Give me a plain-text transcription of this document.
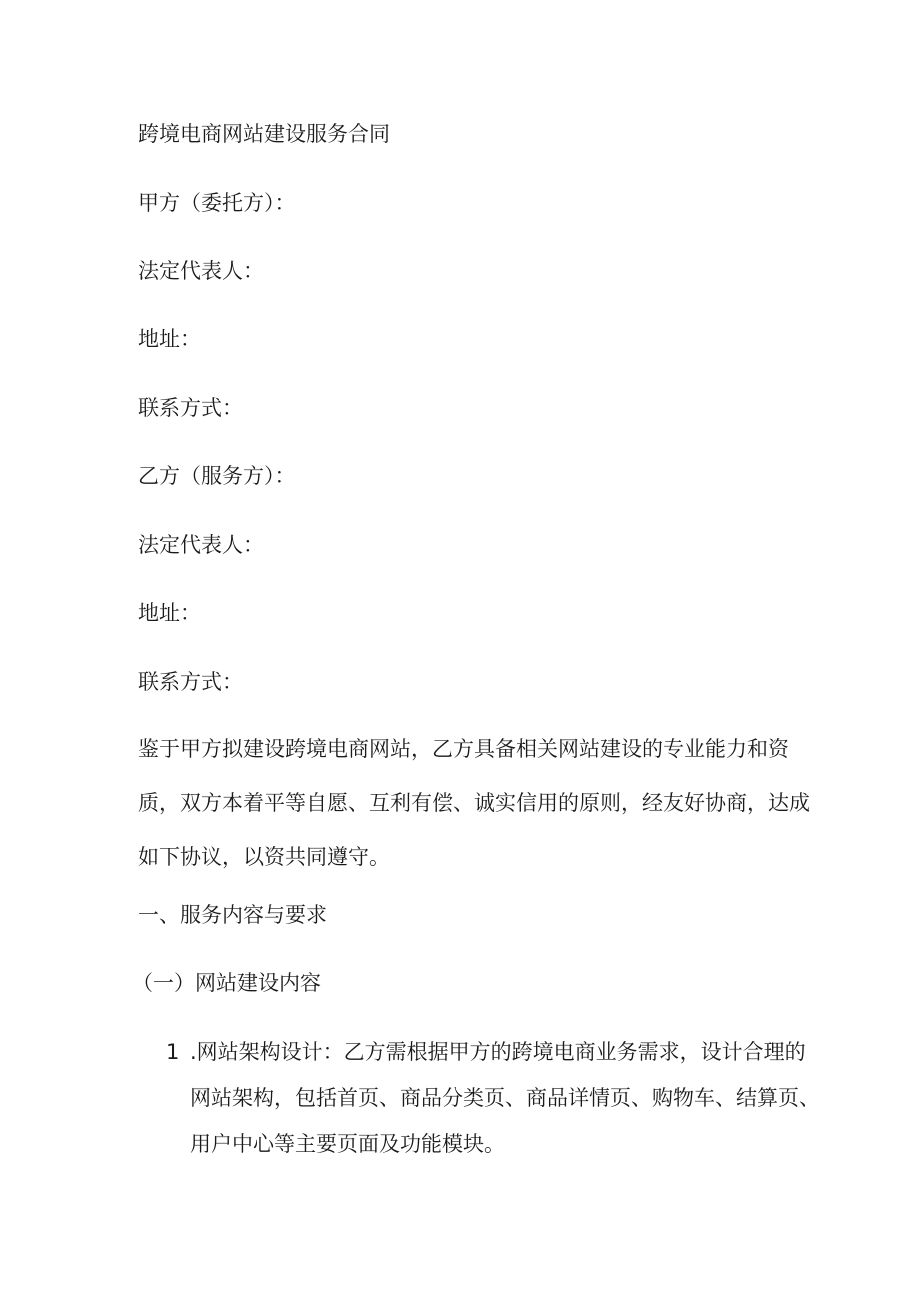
跨境电商网站建设服务合同
甲方（委托方）：
法定代表人：
地址：
联系方式：
乙方（服务方）：
法定代表人：
地址：
联系方式：
鉴于甲方拟建设跨境电商网站，乙方具备相关网站建设的专业能力和资
质，双方本着平等自愿、互利有偿、诚实信用的原则，经友好协商，达成
如下协议，以资共同遵守。
一、服务内容与要求
（一）网站建设内容
1 .网站架构设计：乙方需根据甲方的跨境电商业务需求，设计合理的
网站架构，包括首页、商品分类页、商品详情页、购物车、结算页、
用户中心等主要页面及功能模块。
